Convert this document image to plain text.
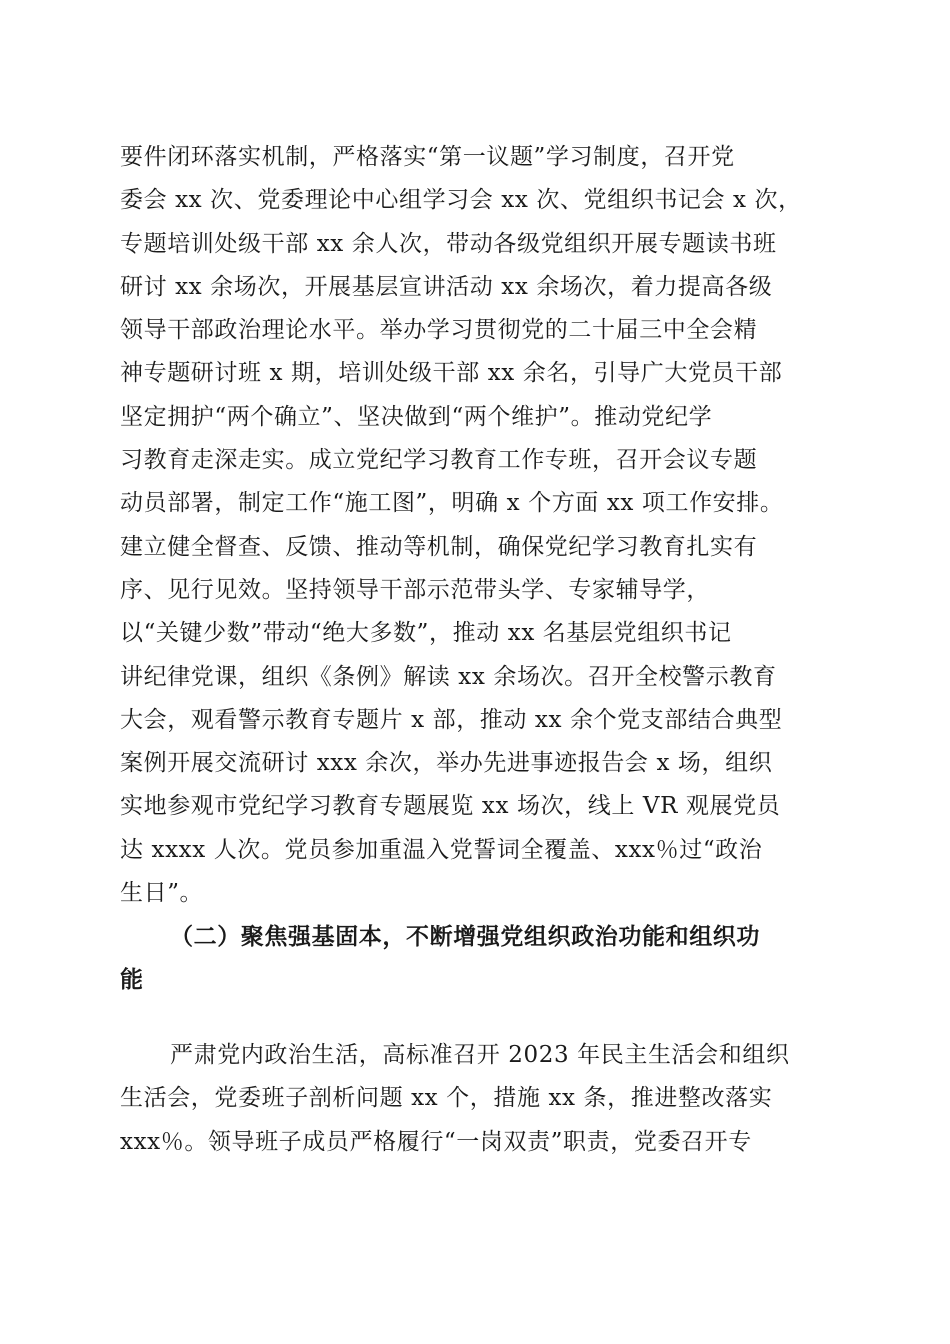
要件闭环落实机制，严格落实“第一议题”学习制度，召开党
委会 xx 次、党委理论中心组学习会 xx 次、党组织书记会 x 次，
专题培训处级干部 xx 余人次，带动各级党组织开展专题读书班
研讨 xx 余场次，开展基层宣讲活动 xx 余场次，着力提高各级
领导干部政治理论水平。举办学习贯彻党的二十届三中全会精
神专题研讨班 x 期，培训处级干部 xx 余名，引导广大党员干部
坚定拥护“两个确立”、坚决做到“两个维护”。推动党纪学
习教育走深走实。成立党纪学习教育工作专班，召开会议专题
动员部署，制定工作“施工图”，明确 x 个方面 xx 项工作安排。
建立健全督查、反馈、推动等机制，确保党纪学习教育扎实有
序、见行见效。坚持领导干部示范带头学、专家辅导学，
以“关键少数”带动“绝大多数”，推动 xx 名基层党组织书记
讲纪律党课，组织《条例》解读 xx 余场次。召开全校警示教育
大会，观看警示教育专题片 x 部，推动 xx 余个党支部结合典型
案例开展交流研讨 xxx 余次，举办先进事迹报告会 x 场，组织
实地参观市党纪学习教育专题展览 xx 场次，线上 VR 观展党员
达 xxxx 人次。党员参加重温入党誓词全覆盖、xxx％过“政治
生日”。
（二）聚焦强基固本，不断增强党组织政治功能和组织功
能
严肃党内政治生活，高标准召开 2023 年民主生活会和组织
生活会，党委班子剖析问题 xx 个，措施 xx 条，推进整改落实
xxx％。领导班子成员严格履行“一岗双责”职责，党委召开专
